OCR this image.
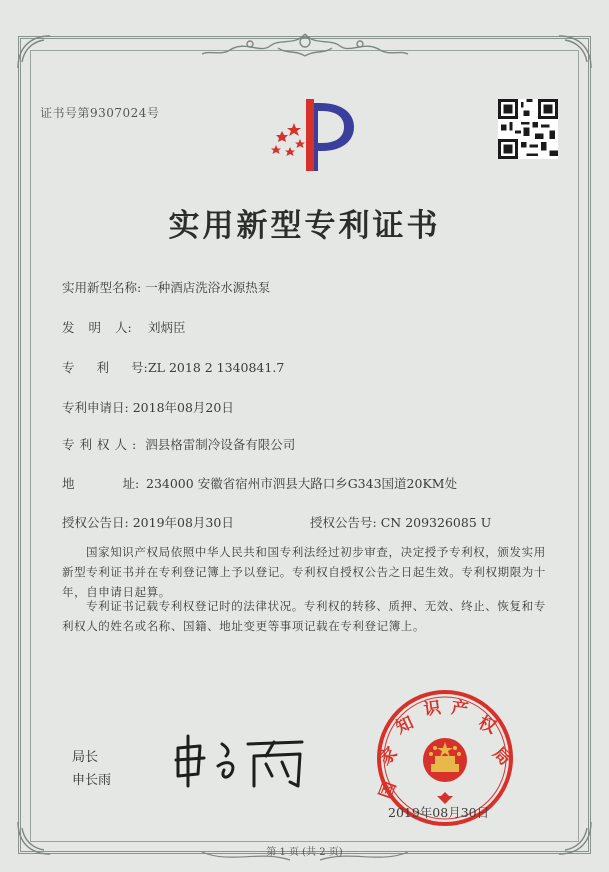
证书号第9307024号
实用新型专利证书
实用新型名称: 一种酒店洗浴水源热泵
发 明 人: 刘炳臣
专 利 号:ZL 2018 2 1340841.7
专利申请日: 2018年08月20日
专利权人: 泗县格雷制冷设备有限公司
地 址: 234000 安徽省宿州市泗县大路口乡G343国道20KM处
授权公告日: 2019年08月30日	授权公告号: CN 209326085 U
国家知识产权局依照中华人民共和国专利法经过初步审查，决定授予专利权，颁发实用新型专利证书并在专利登记簿上予以登记。专利权自授权公告之日起生效。专利权期限为十年，自申请日起算。
专利证书记载专利权登记时的法律状况。专利权的转移、质押、无效、终止、恢复和专利权人的姓名或名称、国籍、地址变更等事项记载在专利登记簿上。
局长
申长雨	国
家
知
识 产
权
局
2019年08月30日
第 1 页 (共 2 页)
